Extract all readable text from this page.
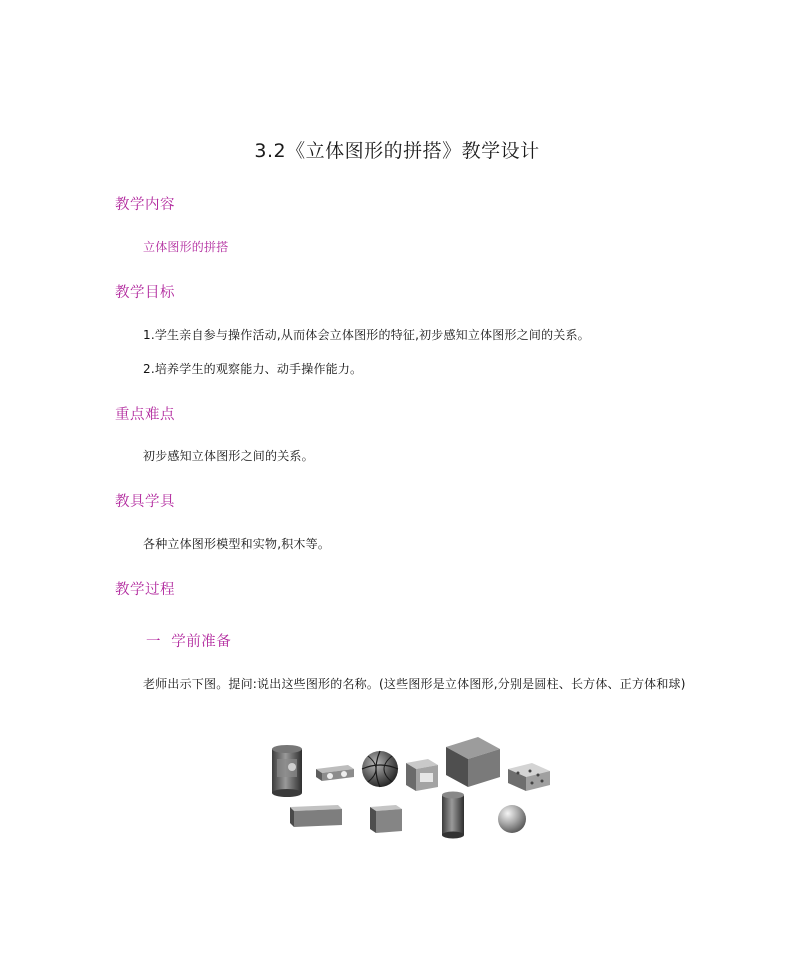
3.2《立体图形的拼搭》教学设计
教学内容
立体图形的拼搭
教学目标
1.学生亲自参与操作活动,从而体会立体图形的特征,初步感知立体图形之间的关系。
2.培养学生的观察能力、动手操作能力。
重点难点
初步感知立体图形之间的关系。
教具学具
各种立体图形模型和实物,积木等。
教学过程
一  学前准备
老师出示下图。提问:说出这些图形的名称。(这些图形是立体图形,分别是圆柱、长方体、正方体和球)
